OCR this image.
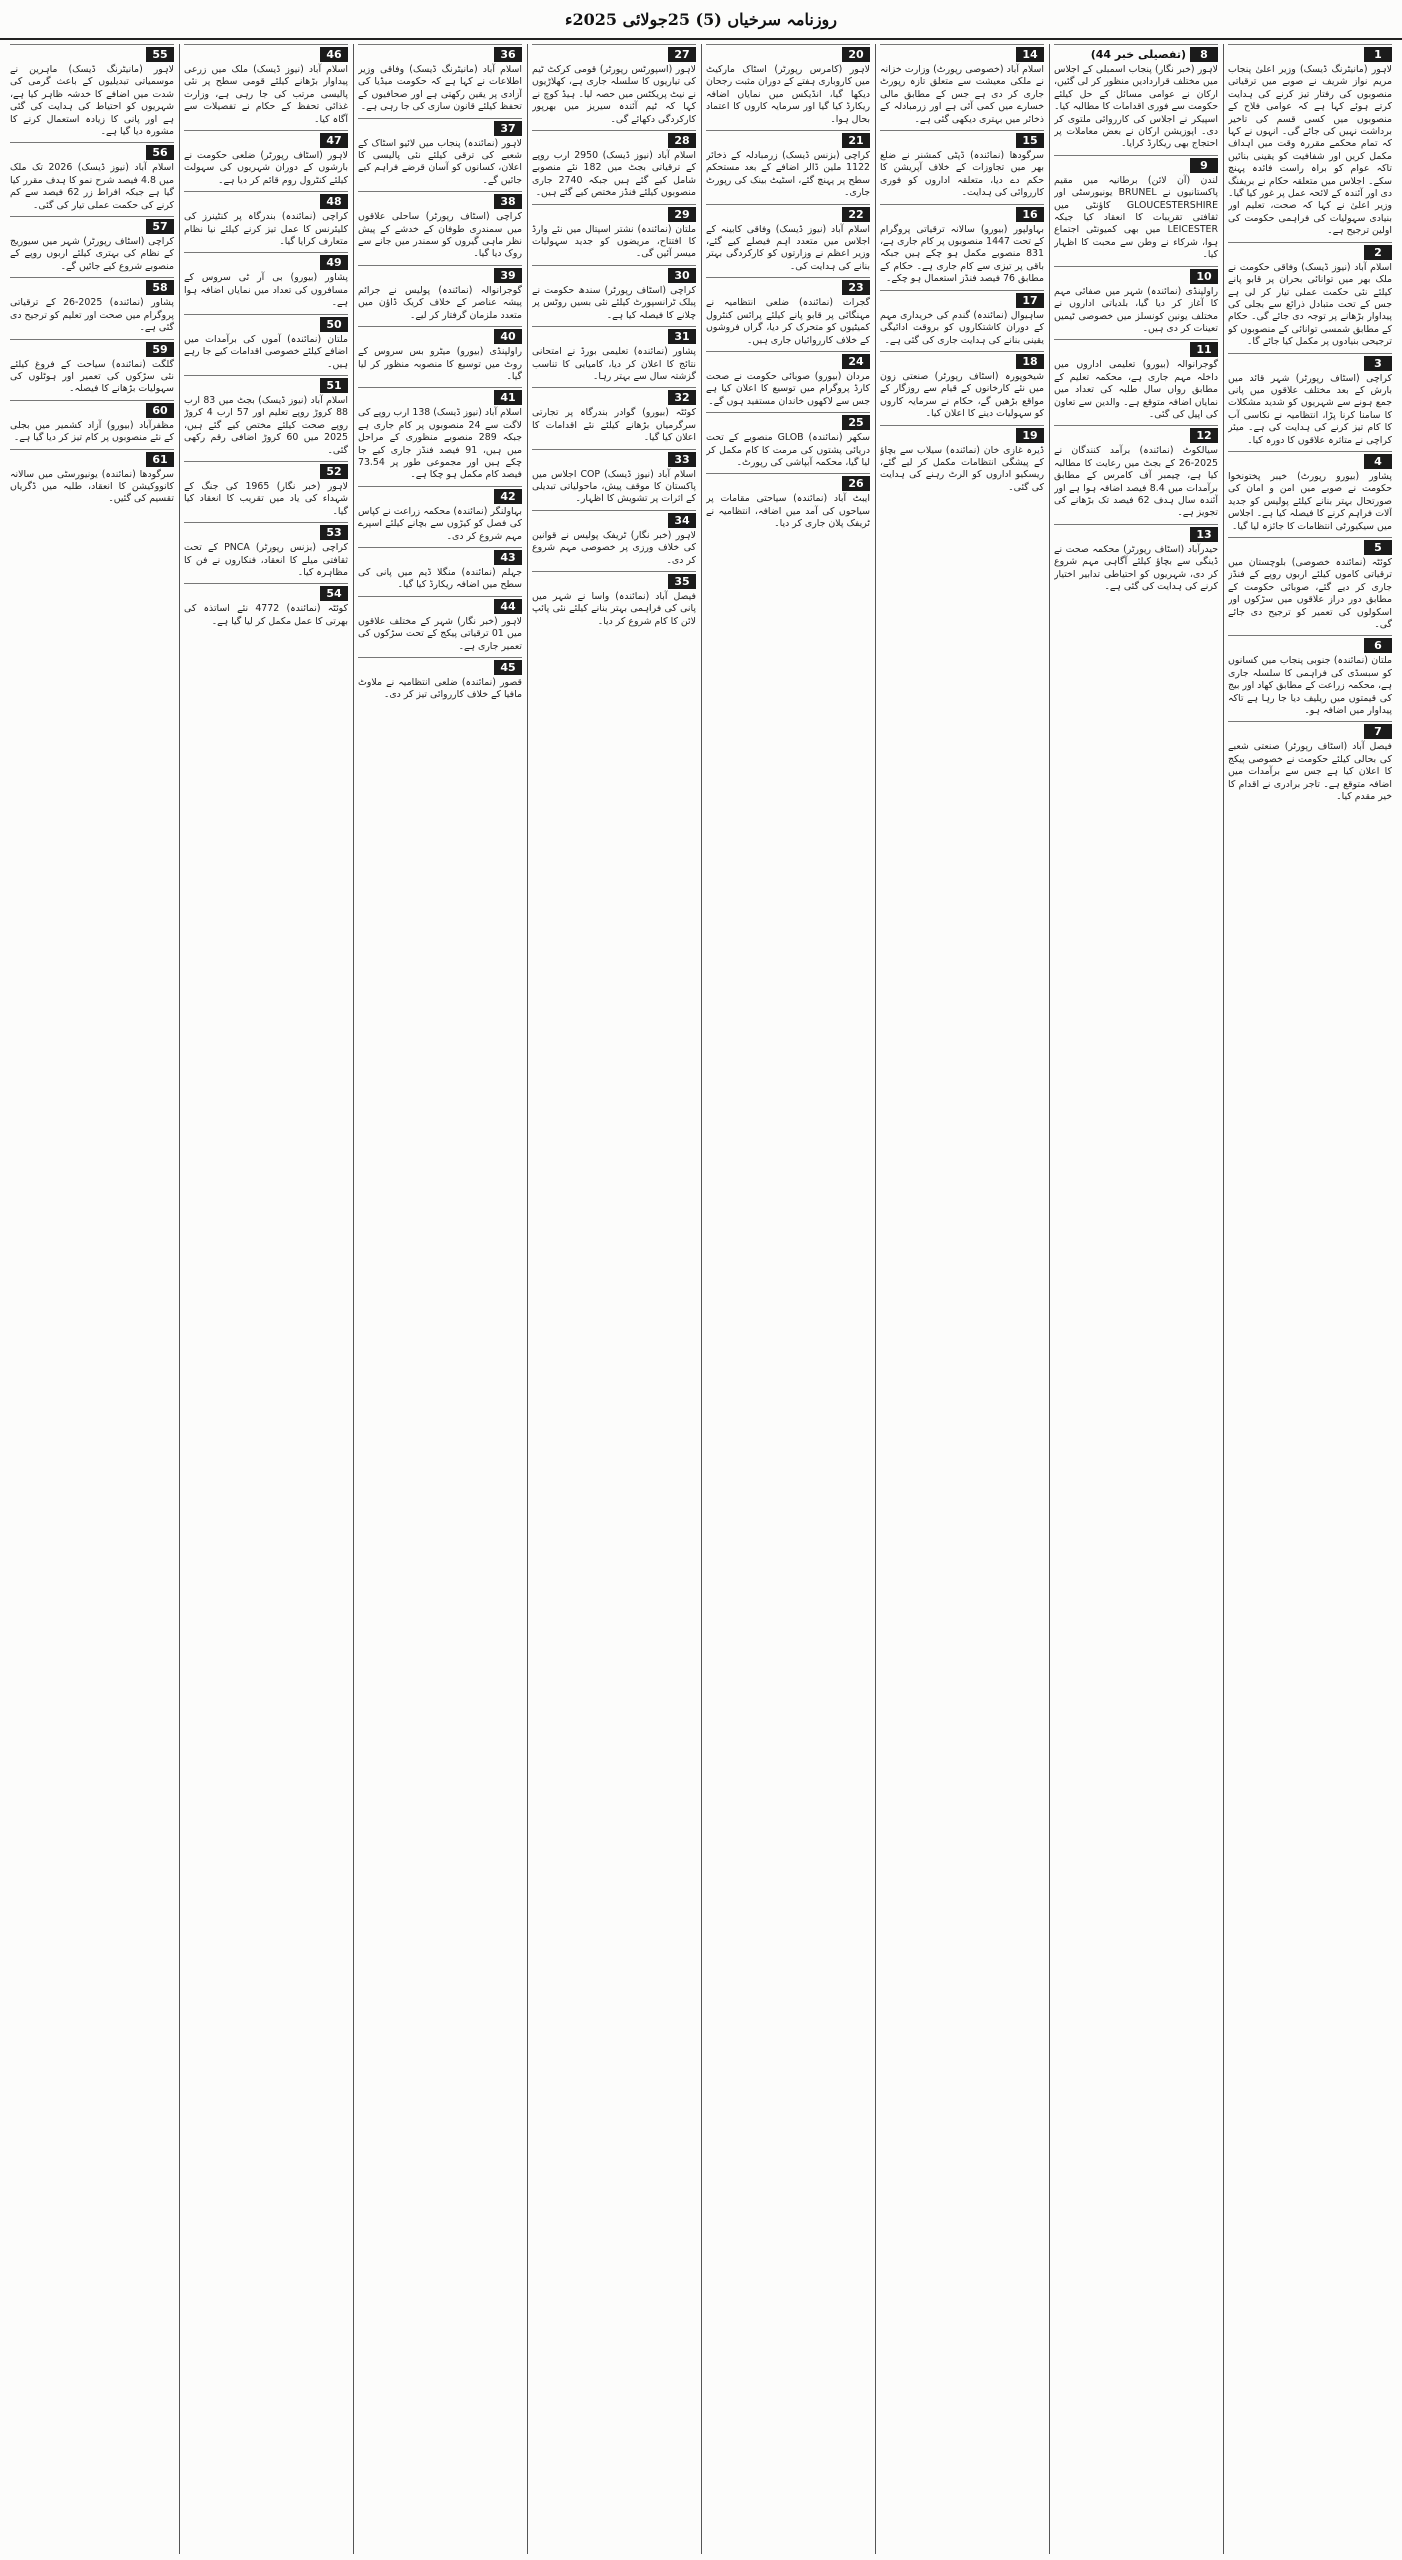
روزنامہ سرخیاں (5) 25جولائی 2025ء
1
لاہور (مانیٹرنگ ڈیسک) وزیر اعلیٰ پنجاب مریم نواز شریف نے صوبے میں ترقیاتی منصوبوں کی رفتار تیز کرنے کی ہدایت کرتے ہوئے کہا ہے کہ عوامی فلاح کے منصوبوں میں کسی قسم کی تاخیر برداشت نہیں کی جائے گی۔ انہوں نے کہا کہ تمام محکمے مقررہ وقت میں اہداف مکمل کریں اور شفافیت کو یقینی بنائیں تاکہ عوام کو براہ راست فائدہ پہنچ سکے۔ اجلاس میں متعلقہ حکام نے بریفنگ دی اور آئندہ کے لائحہ عمل پر غور کیا گیا۔ وزیر اعلیٰ نے کہا کہ صحت، تعلیم اور بنیادی سہولیات کی فراہمی حکومت کی اولین ترجیح ہے۔
2
اسلام آباد (نیوز ڈیسک) وفاقی حکومت نے ملک بھر میں توانائی بحران پر قابو پانے کیلئے نئی حکمت عملی تیار کر لی ہے جس کے تحت متبادل ذرائع سے بجلی کی پیداوار بڑھانے پر توجہ دی جائے گی۔ حکام کے مطابق شمسی توانائی کے منصوبوں کو ترجیحی بنیادوں پر مکمل کیا جائے گا۔
3
کراچی (اسٹاف رپورٹر) شہر قائد میں بارش کے بعد مختلف علاقوں میں پانی جمع ہونے سے شہریوں کو شدید مشکلات کا سامنا کرنا پڑا، انتظامیہ نے نکاسی آب کا کام تیز کرنے کی ہدایت کی ہے۔ میئر کراچی نے متاثرہ علاقوں کا دورہ کیا۔
4
پشاور (بیورو رپورٹ) خیبر پختونخوا حکومت نے صوبے میں امن و امان کی صورتحال بہتر بنانے کیلئے پولیس کو جدید آلات فراہم کرنے کا فیصلہ کیا ہے۔ اجلاس میں سیکیورٹی انتظامات کا جائزہ لیا گیا۔
5
کوئٹہ (نمائندہ خصوصی) بلوچستان میں ترقیاتی کاموں کیلئے اربوں روپے کے فنڈز جاری کر دیے گئے، صوبائی حکومت کے مطابق دور دراز علاقوں میں سڑکوں اور اسکولوں کی تعمیر کو ترجیح دی جائے گی۔
6
ملتان (نمائندہ) جنوبی پنجاب میں کسانوں کو سبسڈی کی فراہمی کا سلسلہ جاری ہے، محکمہ زراعت کے مطابق کھاد اور بیج کی قیمتوں میں ریلیف دیا جا رہا ہے تاکہ پیداوار میں اضافہ ہو۔
7
فیصل آباد (اسٹاف رپورٹر) صنعتی شعبے کی بحالی کیلئے حکومت نے خصوصی پیکج کا اعلان کیا ہے جس سے برآمدات میں اضافہ متوقع ہے۔ تاجر برادری نے اقدام کا خیر مقدم کیا۔
8
(تفصیلی خبر 44)
لاہور (خبر نگار) پنجاب اسمبلی کے اجلاس میں مختلف قراردادیں منظور کر لی گئیں، ارکان نے عوامی مسائل کے حل کیلئے حکومت سے فوری اقدامات کا مطالبہ کیا۔ اسپیکر نے اجلاس کی کارروائی ملتوی کر دی۔ اپوزیشن ارکان نے بعض معاملات پر احتجاج بھی ریکارڈ کرایا۔
9
لندن (آن لائن) برطانیہ میں مقیم پاکستانیوں نے BRUNEL یونیورسٹی اور GLOUCESTERSHIRE کاؤنٹی میں ثقافتی تقریبات کا انعقاد کیا جبکہ LEICESTER میں بھی کمیونٹی اجتماع ہوا، شرکاء نے وطن سے محبت کا اظہار کیا۔
10
راولپنڈی (نمائندہ) شہر میں صفائی مہم کا آغاز کر دیا گیا، بلدیاتی اداروں نے مختلف یونین کونسلز میں خصوصی ٹیمیں تعینات کر دی ہیں۔
11
گوجرانوالہ (بیورو) تعلیمی اداروں میں داخلہ مہم جاری ہے، محکمہ تعلیم کے مطابق رواں سال طلبہ کی تعداد میں نمایاں اضافہ متوقع ہے۔ والدین سے تعاون کی اپیل کی گئی۔
12
سیالکوٹ (نمائندہ) برآمد کنندگان نے 2025-26 کے بجٹ میں رعایت کا مطالبہ کیا ہے، چیمبر آف کامرس کے مطابق برآمدات میں 8.4 فیصد اضافہ ہوا ہے اور آئندہ سال ہدف 62 فیصد تک بڑھانے کی تجویز ہے۔
13
حیدرآباد (اسٹاف رپورٹر) محکمہ صحت نے ڈینگی سے بچاؤ کیلئے آگاہی مہم شروع کر دی، شہریوں کو احتیاطی تدابیر اختیار کرنے کی ہدایت کی گئی ہے۔
14
اسلام آباد (خصوصی رپورٹ) وزارت خزانہ نے ملکی معیشت سے متعلق تازہ رپورٹ جاری کر دی ہے جس کے مطابق مالی خسارے میں کمی آئی ہے اور زرمبادلہ کے ذخائر میں بہتری دیکھی گئی ہے۔
15
سرگودھا (نمائندہ) ڈپٹی کمشنر نے ضلع بھر میں تجاوزات کے خلاف آپریشن کا حکم دے دیا، متعلقہ اداروں کو فوری کارروائی کی ہدایت۔
16
بہاولپور (بیورو) سالانہ ترقیاتی پروگرام کے تحت 1447 منصوبوں پر کام جاری ہے، 831 منصوبے مکمل ہو چکے ہیں جبکہ باقی پر تیزی سے کام جاری ہے۔ حکام کے مطابق 76 فیصد فنڈز استعمال ہو چکے۔
17
ساہیوال (نمائندہ) گندم کی خریداری مہم کے دوران کاشتکاروں کو بروقت ادائیگی یقینی بنانے کی ہدایت جاری کی گئی ہے۔
18
شیخوپورہ (اسٹاف رپورٹر) صنعتی زون میں نئے کارخانوں کے قیام سے روزگار کے مواقع بڑھیں گے، حکام نے سرمایہ کاروں کو سہولیات دینے کا اعلان کیا۔
19
ڈیرہ غازی خان (نمائندہ) سیلاب سے بچاؤ کے پیشگی انتظامات مکمل کر لیے گئے، ریسکیو اداروں کو الرٹ رہنے کی ہدایت کی گئی۔
20
لاہور (کامرس رپورٹر) اسٹاک مارکیٹ میں کاروباری ہفتے کے دوران مثبت رجحان دیکھا گیا، انڈیکس میں نمایاں اضافہ ریکارڈ کیا گیا اور سرمایہ کاروں کا اعتماد بحال ہوا۔
21
کراچی (بزنس ڈیسک) زرمبادلہ کے ذخائر 1122 ملین ڈالر اضافے کے بعد مستحکم سطح پر پہنچ گئے، اسٹیٹ بینک کی رپورٹ جاری۔
22
اسلام آباد (نیوز ڈیسک) وفاقی کابینہ کے اجلاس میں متعدد اہم فیصلے کیے گئے، وزیر اعظم نے وزارتوں کو کارکردگی بہتر بنانے کی ہدایت کی۔
23
گجرات (نمائندہ) ضلعی انتظامیہ نے مہنگائی پر قابو پانے کیلئے پرائس کنٹرول کمیٹیوں کو متحرک کر دیا، گراں فروشوں کے خلاف کارروائیاں جاری ہیں۔
24
مردان (بیورو) صوبائی حکومت نے صحت کارڈ پروگرام میں توسیع کا اعلان کیا ہے جس سے لاکھوں خاندان مستفید ہوں گے۔
25
سکھر (نمائندہ) GLOB منصوبے کے تحت دریائی پشتوں کی مرمت کا کام مکمل کر لیا گیا، محکمہ آبپاشی کی رپورٹ۔
26
ایبٹ آباد (نمائندہ) سیاحتی مقامات پر سیاحوں کی آمد میں اضافہ، انتظامیہ نے ٹریفک پلان جاری کر دیا۔
27
لاہور (اسپورٹس رپورٹر) قومی کرکٹ ٹیم کی تیاریوں کا سلسلہ جاری ہے، کھلاڑیوں نے نیٹ پریکٹس میں حصہ لیا۔ ہیڈ کوچ نے کہا کہ ٹیم آئندہ سیریز میں بھرپور کارکردگی دکھائے گی۔
28
اسلام آباد (نیوز ڈیسک) 2950 ارب روپے کے ترقیاتی بجٹ میں 182 نئے منصوبے شامل کیے گئے ہیں جبکہ 2740 جاری منصوبوں کیلئے فنڈز مختص کیے گئے ہیں۔
29
ملتان (نمائندہ) نشتر اسپتال میں نئے وارڈ کا افتتاح، مریضوں کو جدید سہولیات میسر آئیں گی۔
30
کراچی (اسٹاف رپورٹر) سندھ حکومت نے پبلک ٹرانسپورٹ کیلئے نئی بسیں روٹس پر چلانے کا فیصلہ کیا ہے۔
31
پشاور (نمائندہ) تعلیمی بورڈ نے امتحانی نتائج کا اعلان کر دیا، کامیابی کا تناسب گزشتہ سال سے بہتر رہا۔
32
کوئٹہ (بیورو) گوادر بندرگاہ پر تجارتی سرگرمیاں بڑھانے کیلئے نئے اقدامات کا اعلان کیا گیا۔
33
اسلام آباد (نیوز ڈیسک) COP اجلاس میں پاکستان کا موقف پیش، ماحولیاتی تبدیلی کے اثرات پر تشویش کا اظہار۔
34
لاہور (خبر نگار) ٹریفک پولیس نے قوانین کی خلاف ورزی پر خصوصی مہم شروع کر دی۔
35
فیصل آباد (نمائندہ) واسا نے شہر میں پانی کی فراہمی بہتر بنانے کیلئے نئی پائپ لائن کا کام شروع کر دیا۔
36
اسلام آباد (مانیٹرنگ ڈیسک) وفاقی وزیر اطلاعات نے کہا ہے کہ حکومت میڈیا کی آزادی پر یقین رکھتی ہے اور صحافیوں کے تحفظ کیلئے قانون سازی کی جا رہی ہے۔
37
لاہور (نمائندہ) پنجاب میں لائیو اسٹاک کے شعبے کی ترقی کیلئے نئی پالیسی کا اعلان، کسانوں کو آسان قرضے فراہم کیے جائیں گے۔
38
کراچی (اسٹاف رپورٹر) ساحلی علاقوں میں سمندری طوفان کے خدشے کے پیش نظر ماہی گیروں کو سمندر میں جانے سے روک دیا گیا۔
39
گوجرانوالہ (نمائندہ) پولیس نے جرائم پیشہ عناصر کے خلاف کریک ڈاؤن میں متعدد ملزمان گرفتار کر لیے۔
40
راولپنڈی (بیورو) میٹرو بس سروس کے روٹ میں توسیع کا منصوبہ منظور کر لیا گیا۔
41
اسلام آباد (نیوز ڈیسک) 138 ارب روپے کی لاگت سے 24 منصوبوں پر کام جاری ہے جبکہ 289 منصوبے منظوری کے مراحل میں ہیں، 91 فیصد فنڈز جاری کیے جا چکے ہیں اور مجموعی طور پر 73.54 فیصد کام مکمل ہو چکا ہے۔
42
بہاولنگر (نمائندہ) محکمہ زراعت نے کپاس کی فصل کو کیڑوں سے بچانے کیلئے اسپرے مہم شروع کر دی۔
43
جہلم (نمائندہ) منگلا ڈیم میں پانی کی سطح میں اضافہ ریکارڈ کیا گیا۔
44
لاہور (خبر نگار) شہر کے مختلف علاقوں میں 01 ترقیاتی پیکج کے تحت سڑکوں کی تعمیر جاری ہے۔
45
قصور (نمائندہ) ضلعی انتظامیہ نے ملاوٹ مافیا کے خلاف کارروائی تیز کر دی۔
46
اسلام آباد (نیوز ڈیسک) ملک میں زرعی پیداوار بڑھانے کیلئے قومی سطح پر نئی پالیسی مرتب کی جا رہی ہے، وزارت غذائی تحفظ کے حکام نے تفصیلات سے آگاہ کیا۔
47
لاہور (اسٹاف رپورٹر) ضلعی حکومت نے بارشوں کے دوران شہریوں کی سہولت کیلئے کنٹرول روم قائم کر دیا ہے۔
48
کراچی (نمائندہ) بندرگاہ پر کنٹینرز کی کلیئرنس کا عمل تیز کرنے کیلئے نیا نظام متعارف کرایا گیا۔
49
پشاور (بیورو) بی آر ٹی سروس کے مسافروں کی تعداد میں نمایاں اضافہ ہوا ہے۔
50
ملتان (نمائندہ) آموں کی برآمدات میں اضافے کیلئے خصوصی اقدامات کیے جا رہے ہیں۔
51
اسلام آباد (نیوز ڈیسک) بجٹ میں 83 ارب 88 کروڑ روپے تعلیم اور 57 ارب 4 کروڑ روپے صحت کیلئے مختص کیے گئے ہیں، 2025 میں 60 کروڑ اضافی رقم رکھی گئی۔
52
لاہور (خبر نگار) 1965 کی جنگ کے شہداء کی یاد میں تقریب کا انعقاد کیا گیا۔
53
کراچی (بزنس رپورٹر) PNCA کے تحت ثقافتی میلے کا انعقاد، فنکاروں نے فن کا مظاہرہ کیا۔
54
کوئٹہ (نمائندہ) 4772 نئے اساتذہ کی بھرتی کا عمل مکمل کر لیا گیا ہے۔
55
لاہور (مانیٹرنگ ڈیسک) ماہرین نے موسمیاتی تبدیلیوں کے باعث گرمی کی شدت میں اضافے کا خدشہ ظاہر کیا ہے، شہریوں کو احتیاط کی ہدایت کی گئی ہے اور پانی کا زیادہ استعمال کرنے کا مشورہ دیا گیا ہے۔
56
اسلام آباد (نیوز ڈیسک) 2026 تک ملک میں 4.8 فیصد شرح نمو کا ہدف مقرر کیا گیا ہے جبکہ افراط زر 62 فیصد سے کم کرنے کی حکمت عملی تیار کی گئی۔
57
کراچی (اسٹاف رپورٹر) شہر میں سیوریج کے نظام کی بہتری کیلئے اربوں روپے کے منصوبے شروع کیے جائیں گے۔
58
پشاور (نمائندہ) 2025-26 کے ترقیاتی پروگرام میں صحت اور تعلیم کو ترجیح دی گئی ہے۔
59
گلگت (نمائندہ) سیاحت کے فروغ کیلئے نئی سڑکوں کی تعمیر اور ہوٹلوں کی سہولیات بڑھانے کا فیصلہ۔
60
مظفرآباد (بیورو) آزاد کشمیر میں بجلی کے نئے منصوبوں پر کام تیز کر دیا گیا ہے۔
61
سرگودھا (نمائندہ) یونیورسٹی میں سالانہ کانووکیشن کا انعقاد، طلبہ میں ڈگریاں تقسیم کی گئیں۔
